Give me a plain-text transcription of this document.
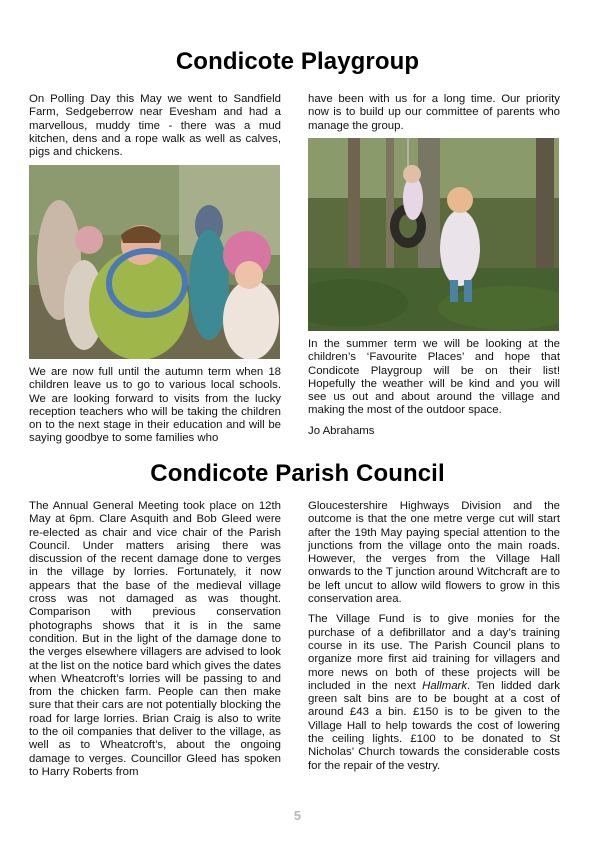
Condicote Playgroup

On Polling Day this May we went to Sandfield Farm, Sedgeberrow near Evesham and had a marvellous, muddy time - there was a mud kitchen, dens and a rope walk as well as calves, pigs and chickens.

We are now full until the autumn term when 18 children leave us to go to various local schools. We are looking forward to visits from the lucky reception teachers who will be taking the children on to the next stage in their education and will be saying goodbye to some families who

have been with us for a long time. Our priority now is to build up our committee of parents who manage the group.

In the summer term we will be looking at the children’s ‘Favourite Places’ and hope that Condicote Playgroup will be on their list! Hopefully the weather will be kind and you will see us out and about around the village and making the most of the outdoor space.

Jo Abrahams

Condicote Parish Council

The Annual General Meeting took place on 12th May at 6pm. Clare Asquith and Bob Gleed were re-elected as chair and vice chair of the Parish Council. Under matters arising there was discussion of the recent damage done to verges in the village by lorries. Fortunately, it now appears that the base of the medieval village cross was not damaged as was thought. Comparison with previous conservation photographs shows that it is in the same condition. But in the light of the damage done to the verges elsewhere villagers are advised to look at the list on the notice bard which gives the dates when Wheatcroft’s lorries will be passing to and from the chicken farm. People can then make sure that their cars are not potentially blocking the road for large lorries. Brian Craig is also to write to the oil companies that deliver to the village, as well as to Wheatcroft’s, about the ongoing damage to verges. Councillor Gleed has spoken to Harry Roberts from

Gloucestershire Highways Division and the outcome is that the one metre verge cut will start after the 19th May paying special attention to the junctions from the village onto the main roads. However, the verges from the Village Hall onwards to the T junction around Witchcraft are to be left uncut to allow wild flowers to grow in this conservation area.

The Village Fund is to give monies for the purchase of a defibrillator and a day’s training course in its use. The Parish Council plans to organize more first aid training for villagers and more news on both of these projects will be included in the next Hallmark. Ten lidded dark green salt bins are to be bought at a cost of around £43 a bin. £150 is to be given to the Village Hall to help towards the cost of lowering the ceiling lights. £100 to be donated to St Nicholas’ Church towards the considerable costs for the repair of the vestry.

5
